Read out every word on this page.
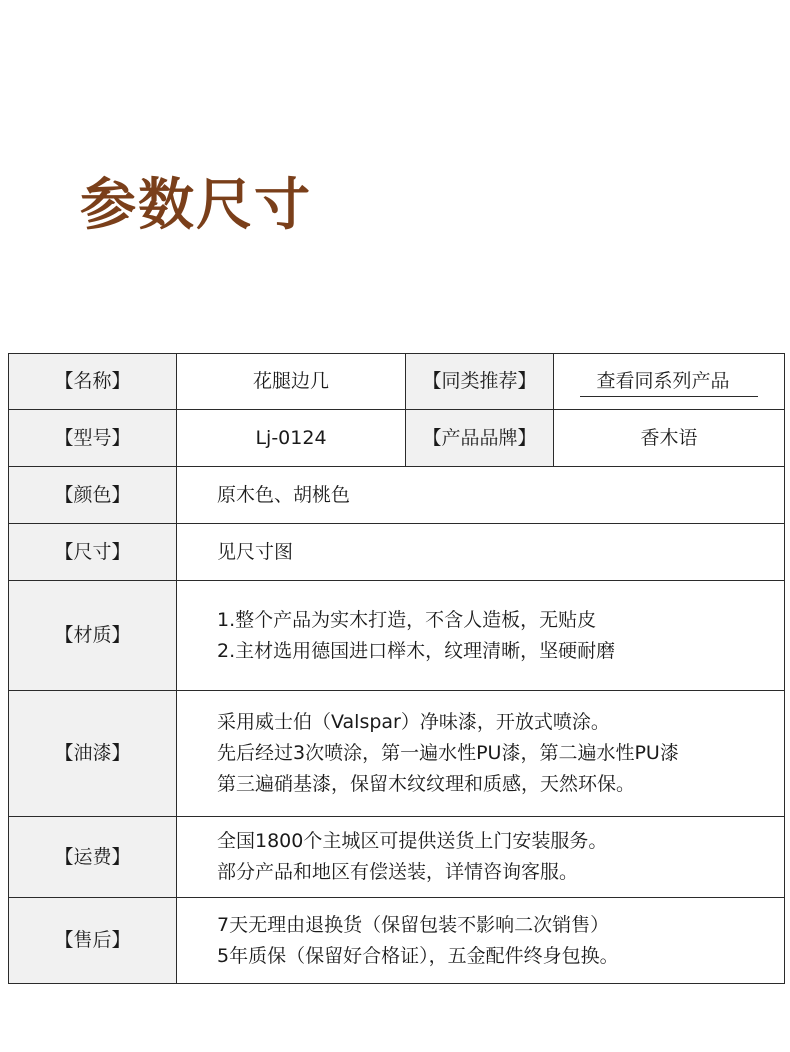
参数尺寸
【名称】	花腿边几	【同类推荐】	查看同系列产品
【型号】	Lj-0124	【产品品牌】	香木语
【颜色】	原木色、胡桃色		
【尺寸】	见尺寸图		
【材质】	1.整个产品为实木打造，不含人造板，无贴皮
2.主材选用德国进口榉木，纹理清晰，坚硬耐磨		

【油漆】	采用威士伯（Valspar）净味漆，开放式喷涂。
先后经过3次喷涂，第一遍水性PU漆，第二遍水性PU漆
第三遍硝基漆，保留木纹纹理和质感，天然环保。		

【运费】	全国1800个主城区可提供送货上门安装服务。
部分产品和地区有偿送装，详情咨询客服。		

【售后】	7天无理由退换货（保留包装不影响二次销售）
5年质保（保留好合格证），五金配件终身包换。		
